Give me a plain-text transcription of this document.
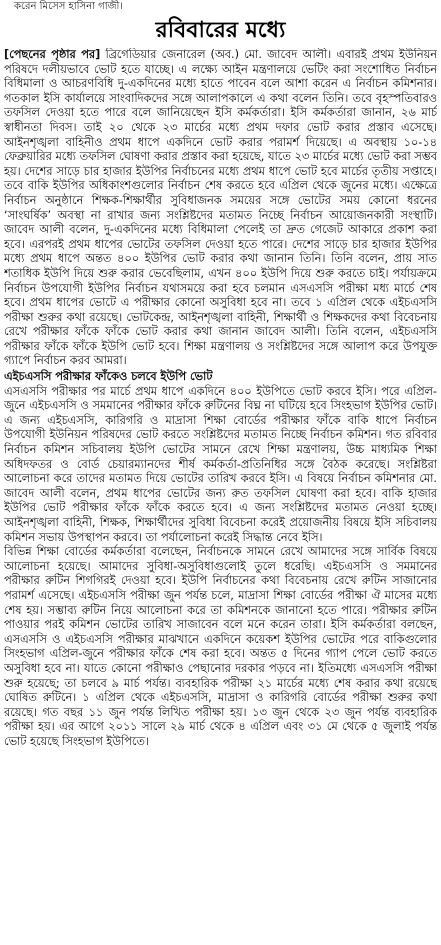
করেন মিসেস হাসিনা গাজী।
রবিবারের মধ্যে

[পেছনের পৃষ্ঠার পর] ব্রিগেডিয়ার জেনারেল (অব.) মো. জাবেদ আলী। এবারই প্রথম ইউনিয়ন পরিষদে দলীয়ভাবে ভোট হতে যাচ্ছে। এ লক্ষ্যে আইন মন্ত্রণালয়ে ভেটিং করা সংশোধিত নির্বাচন বিধিমালা ও আচরণবিধি দু-একদিনের মধ্যে হাতে পাবেন বলে আশা করেন এ নির্বাচন কমিশনার। গতকাল ইসি কার্যালয়ে সাংবাদিকদের সঙ্গে আলাপকালে এ কথা বলেন তিনি। তবে বৃহস্পতিবারও তফসিল দেওয়া হতে পারে বলে জানিয়েছেন ইসি কর্মকর্তারা। ইসি কর্মকর্তারা জানান, ২৬ মার্চ স্বাধীনতা দিবস। তাই ২০ থেকে ২৩ মার্চের মধ্যে প্রথম দফার ভোট করার প্রস্তাব এসেছে। আইনশৃঙ্খলা বাহিনীও প্রথম ধাপে একদিনে ভোট করার পরামর্শ দিয়েছে। এ অবস্থায় ১০-১৪ ফেব্রুয়ারির মধ্যে তফসিল ঘোষণা করার প্রস্তাব করা হয়েছে, যাতে ২৩ মার্চের মধ্যে ভোট করা সম্ভব হয়। দেশের সাড়ে চার হাজার ইউপির নির্বাচনের মধ্যে প্রথম ধাপে ভোট হবে মার্চের তৃতীয় সপ্তাহে। তবে বাকি ইউপির অধিকাংশগুলোর নির্বাচন শেষ করতে হবে এপ্রিল থেকে জুনের মধ্যে। এক্ষেত্রে নির্বাচন অনুষ্ঠানে শিক্ষক-শিক্ষার্থীর সুবিধাজনক সময়ের সঙ্গে ভোটের সময় কোনো ধরনের ‘সাংঘর্ষিক’ অবস্থা না রাখার জন্য সংশ্লিষ্টদের মতামত নিচ্ছে নির্বাচন আয়োজনকারী সংস্থাটি। জাবেদ আলী বলেন, দু-একদিনের মধ্যে বিধিমালা পেলেই তা দ্রুত গেজেট আকারে প্রকাশ করা হবে। এরপরই প্রথম ধাপের ভোটের তফসিল দেওয়া হতে পারে। দেশের সাড়ে চার হাজার ইউপির মধ্যে প্রথম ধাপে অন্তত ৪০০ ইউপির ভোট করার কথা জানান তিনি। তিনি বলেন, প্রায় সাত শতাধিক ইউপি দিয়ে শুরু করার ভেবেছিলাম, এখন ৪০০ ইউপি দিয়ে শুরু করতে চাই। পর্যায়ক্রমে নির্বাচন উপযোগী ইউপির নির্বাচন যথাসময়ে করা হবে চলমান এসএসসি পরীক্ষা মধ্য মার্চে শেষ হবে। প্রথম ধাপের ভোটে এ পরীক্ষার কোনো অসুবিধা হবে না। তবে ১ এপ্রিল থেকে এইচএসসি পরীক্ষা শুরুর কথা রয়েছে। ভোটকেন্দ্র, আইনশৃঙ্খলা বাহিনী, শিক্ষার্থী ও শিক্ষকদের কথা বিবেচনায় রেখে পরীক্ষার ফাঁকে ফাঁকে ভোট করার কথা জানান জাবেদ আলী। তিনি বলেন, এইচএসসি পরীক্ষার ফাঁকে ফাঁকে ইউপি ভোট হবে। শিক্ষা মন্ত্রণালয় ও সংশ্লিষ্টদের সঙ্গে আলাপ করে উপযুক্ত গ্যাপে নির্বাচন করব আমরা।

এইচএসসি পরীক্ষার ফাঁকেও চলবে ইউপি ভোট

এসএসসি পরীক্ষার পর মার্চে প্রথম ধাপে একদিনে ৪০০ ইউপিতে ভোট করবে ইসি। পরে এপ্রিল-জুনে এইচএসসি ও সমমানের পরীক্ষার ফাঁকে রুটিনের বিঘ্ন না ঘটিয়ে হবে সিংহভাগ ইউপির ভোট। এ জন্য এইচএসসি, কারিগরি ও মাদ্রাসা শিক্ষা বোর্ডের পরীক্ষার ফাঁকে বাকি ধাপে নির্বাচন উপযোগী ইউনিয়ন পরিষদের ভোট করতে সংশ্লিষ্টদের মতামত নিচ্ছে নির্বাচন কমিশন। গত রবিবার নির্বাচন কমিশন সচিবালয় ইউপি ভোটের সামনে রেখে শিক্ষা মন্ত্রণালয়, উচ্চ মাধ্যমিক শিক্ষা অধিদফতর ও বোর্ড চেয়ারম্যানদের শীর্ষ কর্মকর্তা-প্রতিনিধির সঙ্গে বৈঠক করেছে। সংশ্লিষ্টরা আলোচনা করে তাদের মতামত দিয়ে ভোটের তারিখ করবে ইসি। এ বিষয়ে নির্বাচন কমিশনার মো. জাবেদ আলী বলেন, প্রথম ধাপের ভোটের জন্য রুত তফসিল ঘোষণা করা হবে। বাকি হাজার ইউপির ভোট পরীক্ষার ফাঁকে ফাঁকে করতে হবে। এ জন্য সংশ্লিষ্টদের মতামত নেওয়া হচ্ছে। আইনশৃঙ্খলা বাহিনী, শিক্ষক, শিক্ষার্থীদের সুবিধা বিবেচনা করেই প্রয়োজনীয় বিষয়ে ইসি সচিবালয় কমিশন সভায় উপস্থাপন করবে। তা পর্যালোচনা করেই সিদ্ধান্ত নেবে ইসি।

বিভিন্ন শিক্ষা বোর্ডের কর্মকর্তারা বলেছেন, নির্বাচনকে সামনে রেখে আমাদের সঙ্গে সার্বিক বিষয়ে আলোচনা হয়েছে। আমাদের সুবিধা-অসুবিধাগুলোই তুলে ধরেছি। এইচএসসি ও সমমানের পরীক্ষার রুটিন শিগগিরই দেওয়া হবে। ইউপি নির্বাচনের কথা বিবেচনায় রেখে রুটিন সাজানোর পরামর্শ এসেছে। এইচএসসি পরীক্ষা জুন পর্যন্ত চলে, মাদ্রাসা শিক্ষা বোর্ডের পরীক্ষা ঐ মাসের মধ্যে শেষ হয়। সম্ভাব্য রুটিন নিয়ে আলোচনা করে তা কমিশনকে জানানো হতে পারে। পরীক্ষার রুটিন পাওয়ার পরই কমিশন ভোটের তারিখ সাজাবেন বলে মনে করেন তারা। ইসি কর্মকর্তারা বলছেন, এসএসসি ও এইচএসসি পরীক্ষার মাঝখানে একদিনে কয়েকশ ইউপির ভোটের পরে বাকিগুলোর সিংহভাগ এপ্রিল-জুনে পরীক্ষার ফাঁকে শেষ করা হবে। অন্তত ৫ দিনের গ্যাপ পেলে ভোট করতে অসুবিধা হবে না। যাতে কোনো পরীক্ষাও পেছানোর দরকার পড়বে না। ইতিমধ্যে এসএসসি পরীক্ষা শুরু হয়েছে; তা চলবে ৯ মার্চ পর্যন্ত। ব্যবহারিক পরীক্ষা ২১ মার্চের মধ্যে শেষ করার কথা রয়েছে ঘোষিত রুটিনে। ১ এপ্রিল থেকে এইচএসসি, মাদ্রাসা ও কারিগরি বোর্ডের পরীক্ষা শুরুর কথা রয়েছে। গত বছর ১১ জুন পর্যন্ত লিখিত পরীক্ষা হয়। ১৩ জুন থেকে ২৩ জুন পর্যন্ত ব্যবহারিক পরীক্ষা হয়। এর আগে ২০১১ সালে ২৯ মার্চ থেকে ৪ এপ্রিল এবং ৩১ মে থেকে ৫ জুলাই পর্যন্ত ভোট হয়েছে সিংহভাগ ইউপিতে।
